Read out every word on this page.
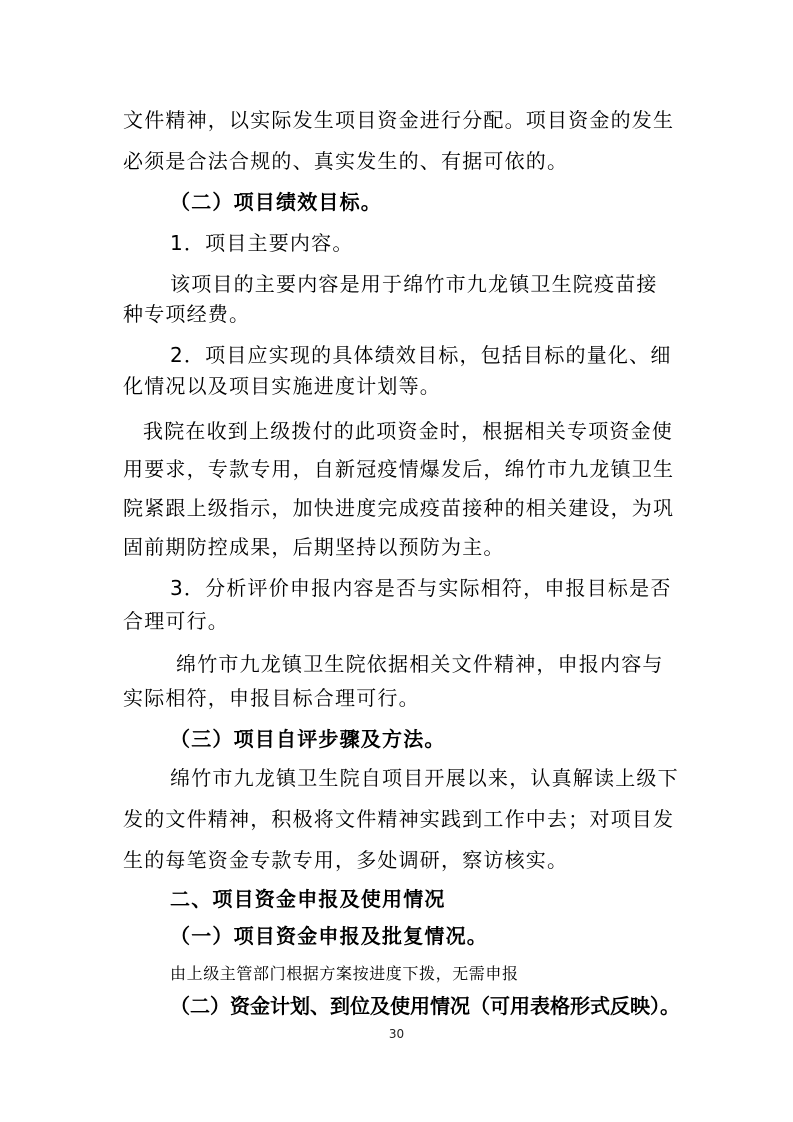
文件精神，以实际发生项目资金进行分配。项目资金的发生
必须是合法合规的、真实发生的、有据可依的。
（二）项目绩效目标。
1．项目主要内容。
该项目的主要内容是用于绵竹市九龙镇卫生院疫苗接
种专项经费。
2．项目应实现的具体绩效目标，包括目标的量化、细
化情况以及项目实施进度计划等。
我院在收到上级拨付的此项资金时，根据相关专项资金使
用要求，专款专用，自新冠疫情爆发后，绵竹市九龙镇卫生
院紧跟上级指示，加快进度完成疫苗接种的相关建设，为巩
固前期防控成果，后期坚持以预防为主。
3．分析评价申报内容是否与实际相符，申报目标是否
合理可行。
绵竹市九龙镇卫生院依据相关文件精神，申报内容与
实际相符，申报目标合理可行。
（三）项目自评步骤及方法。
绵竹市九龙镇卫生院自项目开展以来，认真解读上级下
发的文件精神，积极将文件精神实践到工作中去；对项目发
生的每笔资金专款专用，多处调研，察访核实。
二、项目资金申报及使用情况
（一）项目资金申报及批复情况。
由上级主管部门根据方案按进度下拨，无需申报
（二）资金计划、到位及使用情况（可用表格形式反映）。
30
